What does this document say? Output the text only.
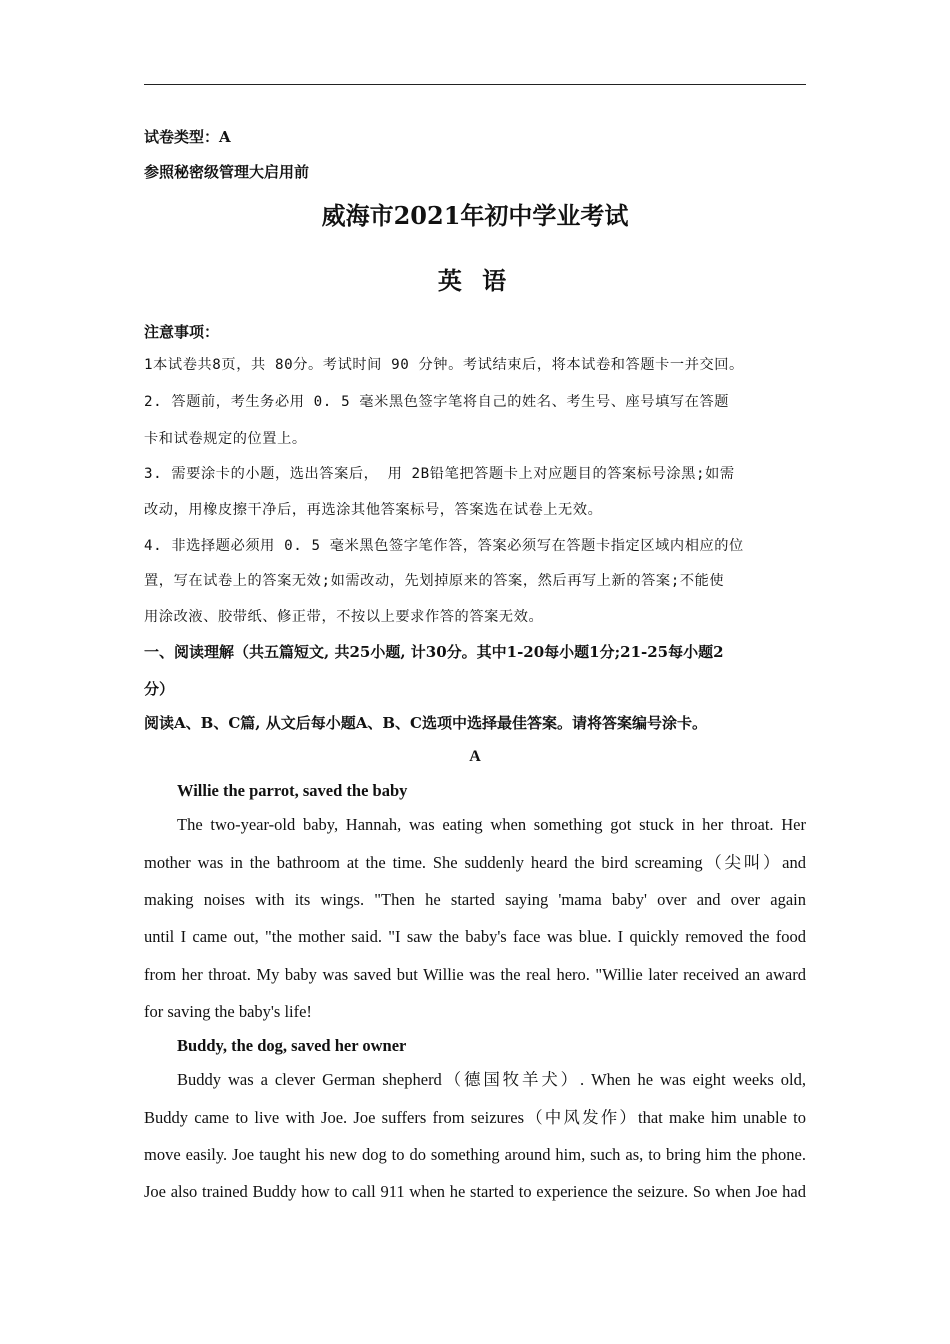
试卷类型：A
参照秘密级管理大启用前
威海市2021年初中学业考试
英 语
注意事项：
1本试卷共8页，共 80分。考试时间 90 分钟。考试结束后，将本试卷和答题卡一并交回。
2. 答题前，考生务必用 0. 5 毫米黑色签字笔将自己的姓名、考生号、座号填写在答题
卡和试卷规定的位置上。
3. 需要涂卡的小题，选出答案后， 用 2B铅笔把答题卡上对应题目的答案标号涂黑;如需
改动，用橡皮擦干净后，再选涂其他答案标号，答案选在试卷上无效。
4. 非选择题必须用 0. 5 毫米黑色签字笔作答，答案必须写在答题卡指定区域内相应的位
置，写在试卷上的答案无效;如需改动，先划掉原来的答案，然后再写上新的答案;不能使
用涂改液、胶带纸、修正带，不按以上要求作答的答案无效。
一、阅读理解（共五篇短文, 共25小题, 计30分。其中1-20每小题1分;21-25每小题2
分）
阅读A、B、C篇, 从文后每小题A、B、C选项中选择最佳答案。请将答案编号涂卡。
A
Willie the parrot, saved the baby
The two-year-old baby, Hannah, was eating when something got stuck in her throat. Her
mother was in the bathroom at the time. She suddenly heard the bird screaming（尖叫）and
making noises with its wings. "Then he started saying 'mama baby' over and over again
until I came out, "the mother said. "I saw the baby's face was blue. I quickly removed the food
from her throat. My baby was saved but Willie was the real hero. "Willie later received an award
for saving the baby's life!
Buddy, the dog, saved her owner
Buddy was a clever German shepherd（德国牧羊犬）. When he was eight weeks old,
Buddy came to live with Joe. Joe suffers from seizures（中风发作）that make him unable to
move easily. Joe taught his new dog to do something around him, such as, to bring him the phone.
Joe also trained Buddy how to call 911 when he started to experience the seizure. So when Joe had
